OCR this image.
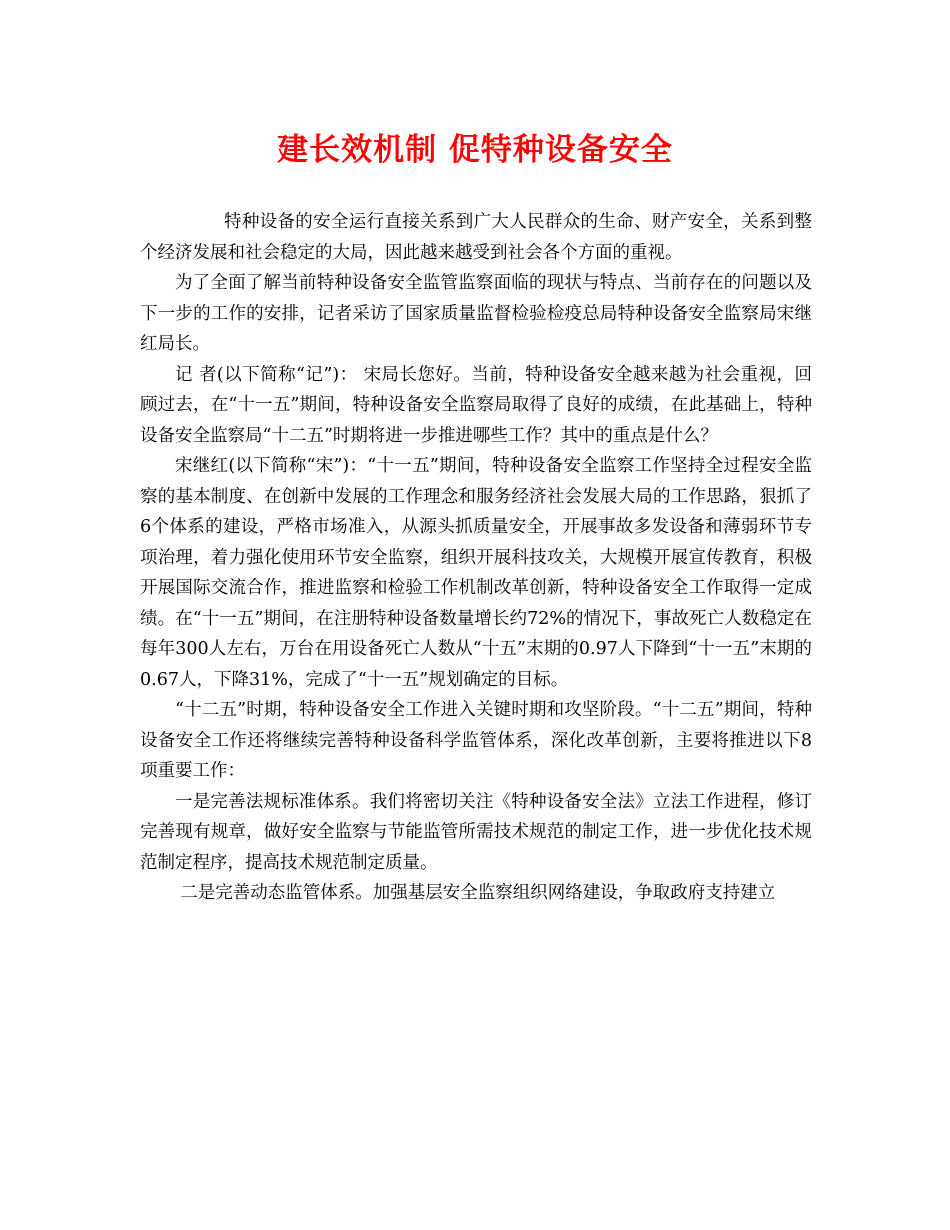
建长效机制 促特种设备安全

特种设备的安全运行直接关系到广大人民群众的生命、财产安全，关系到整个经济发展和社会稳定的大局，因此越来越受到社会各个方面的重视。

为了全面了解当前特种设备安全监管监察面临的现状与特点、当前存在的问题以及下一步的工作的安排，记者采访了国家质量监督检验检疫总局特种设备安全监察局宋继红局长。

记 者(以下简称“记”)： 宋局长您好。当前，特种设备安全越来越为社会重视，回顾过去，在“十一五”期间，特种设备安全监察局取得了良好的成绩，在此基础上，特种设备安全监察局“十二五”时期将进一步推进哪些工作？其中的重点是什么？

宋继红(以下简称“宋”)：“十一五”期间，特种设备安全监察工作坚持全过程安全监察的基本制度、在创新中发展的工作理念和服务经济社会发展大局的工作思路，狠抓了6个体系的建设，严格市场准入，从源头抓质量安全，开展事故多发设备和薄弱环节专项治理，着力强化使用环节安全监察，组织开展科技攻关，大规模开展宣传教育，积极开展国际交流合作，推进监察和检验工作机制改革创新，特种设备安全工作取得一定成绩。在“十一五”期间，在注册特种设备数量增长约72%的情况下，事故死亡人数稳定在每年300人左右，万台在用设备死亡人数从“十五”末期的0.97人下降到“十一五”末期的0.67人，下降31%，完成了“十一五”规划确定的目标。

“十二五”时期，特种设备安全工作进入关键时期和攻坚阶段。“十二五”期间，特种设备安全工作还将继续完善特种设备科学监管体系，深化改革创新，主要将推进以下8项重要工作：

一是完善法规标准体系。我们将密切关注《特种设备安全法》立法工作进程，修订完善现有规章，做好安全监察与节能监管所需技术规范的制定工作，进一步优化技术规范制定程序，提高技术规范制定质量。

二是完善动态监管体系。加强基层安全监察组织网络建设，争取政府支持建立
